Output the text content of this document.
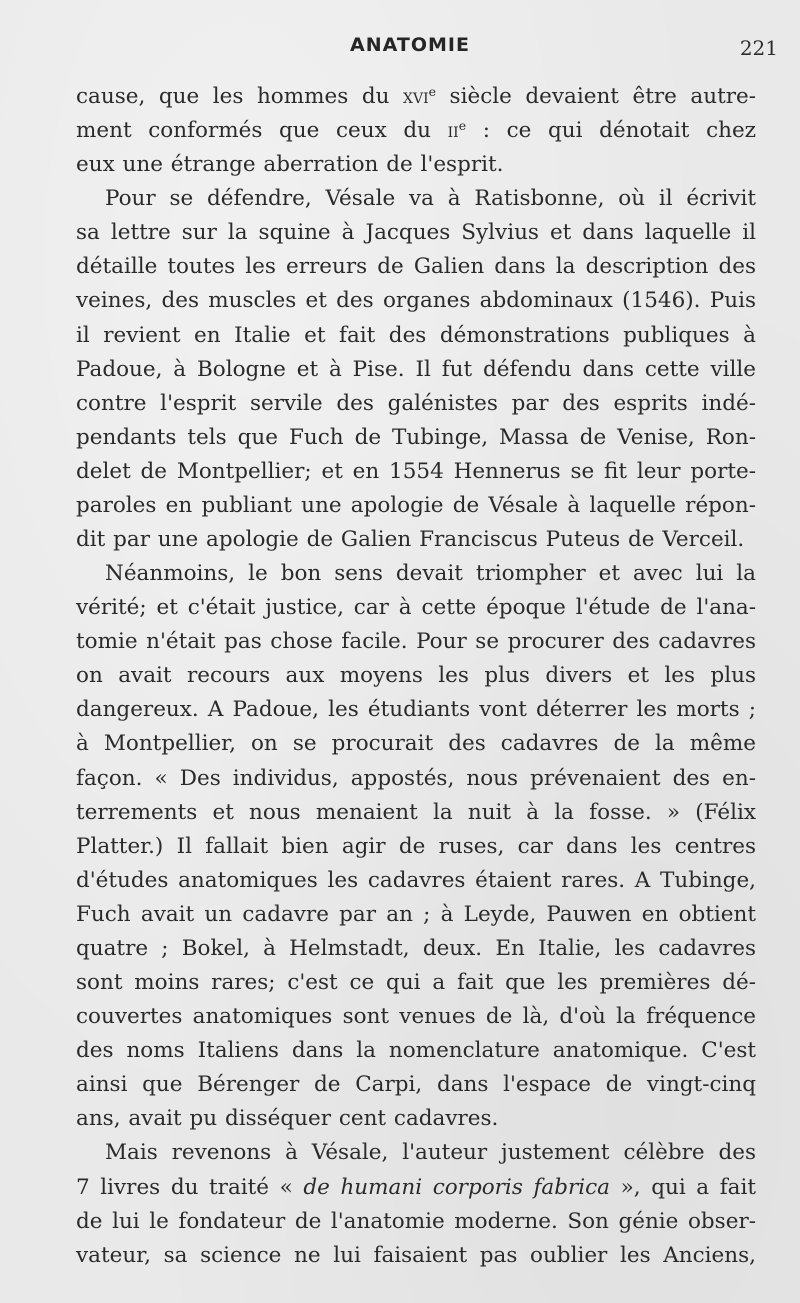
ANATOMIE	221
cause, que les hommes du xvi$^e$ siècle devaient être autre-
ment conformés que ceux du $ii^e$ : ce qui dénotait chez
eux une étrange aberration de l'esprit.
Pour se défendre, Vésale va à Ratisbonne, où il écrivit
sa lettre sur la squine à Jacques Sylvius et dans laquelle il
détaille toutes les erreurs de Galien dans la description des
veines, des muscles et des organes abdominaux (1546). Puis
il revient en Italie et fait des démonstrations publiques à
Padoue, à Bologne et à Pise. Il fut défendu dans cette ville
contre l'esprit servile des galénistes par des esprits indé-
pendants tels que Fuch de Tubinge, Massa de Venise, Ron-
delet de Montpellier; et en 1554 Hennerus se fit leur porte-
paroles en publiant une apologie de Vésale à laquelle répon-
dit par une apologie de Galien Franciscus Puteus de Verceil.
Néanmoins, le bon sens devait triompher et avec lui la
vérité; et c'était justice, car à cette époque l'étude de l'ana-
tomie n'était pas chose facile. Pour se procurer des cadavres
on avait recours aux moyens les plus divers et les plus
dangereux. A Padoue, les étudiants vont déterrer les morts ;
à Montpellier, on se procurait des cadavres de la même
façon. « Des individus, appostés, nous prévenaient des en-
terrements et nous menaient la nuit à la fosse. » (Félix
Platter.) Il fallait bien agir de ruses, car dans les centres
d'études anatomiques les cadavres étaient rares. A Tubinge,
Fuch avait un cadavre par an ; à Leyde, Pauwen en obtient
quatre ; Bokel, à Helmstadt, deux. En Italie, les cadavres
sont moins rares; c'est ce qui a fait que les premières dé-
couvertes anatomiques sont venues de là, d'où la fréquence
des noms Italiens dans la nomenclature anatomique. C'est
ainsi que Bérenger de Carpi, dans l'espace de vingt-cinq
ans, avait pu disséquer cent cadavres.
Mais revenons à Vésale, l'auteur justement célèbre des
7 livres du traité « de humani corporis fabrica », qui a fait
de lui le fondateur de l'anatomie moderne. Son génie obser-
vateur, sa science ne lui faisaient pas oublier les Anciens,
